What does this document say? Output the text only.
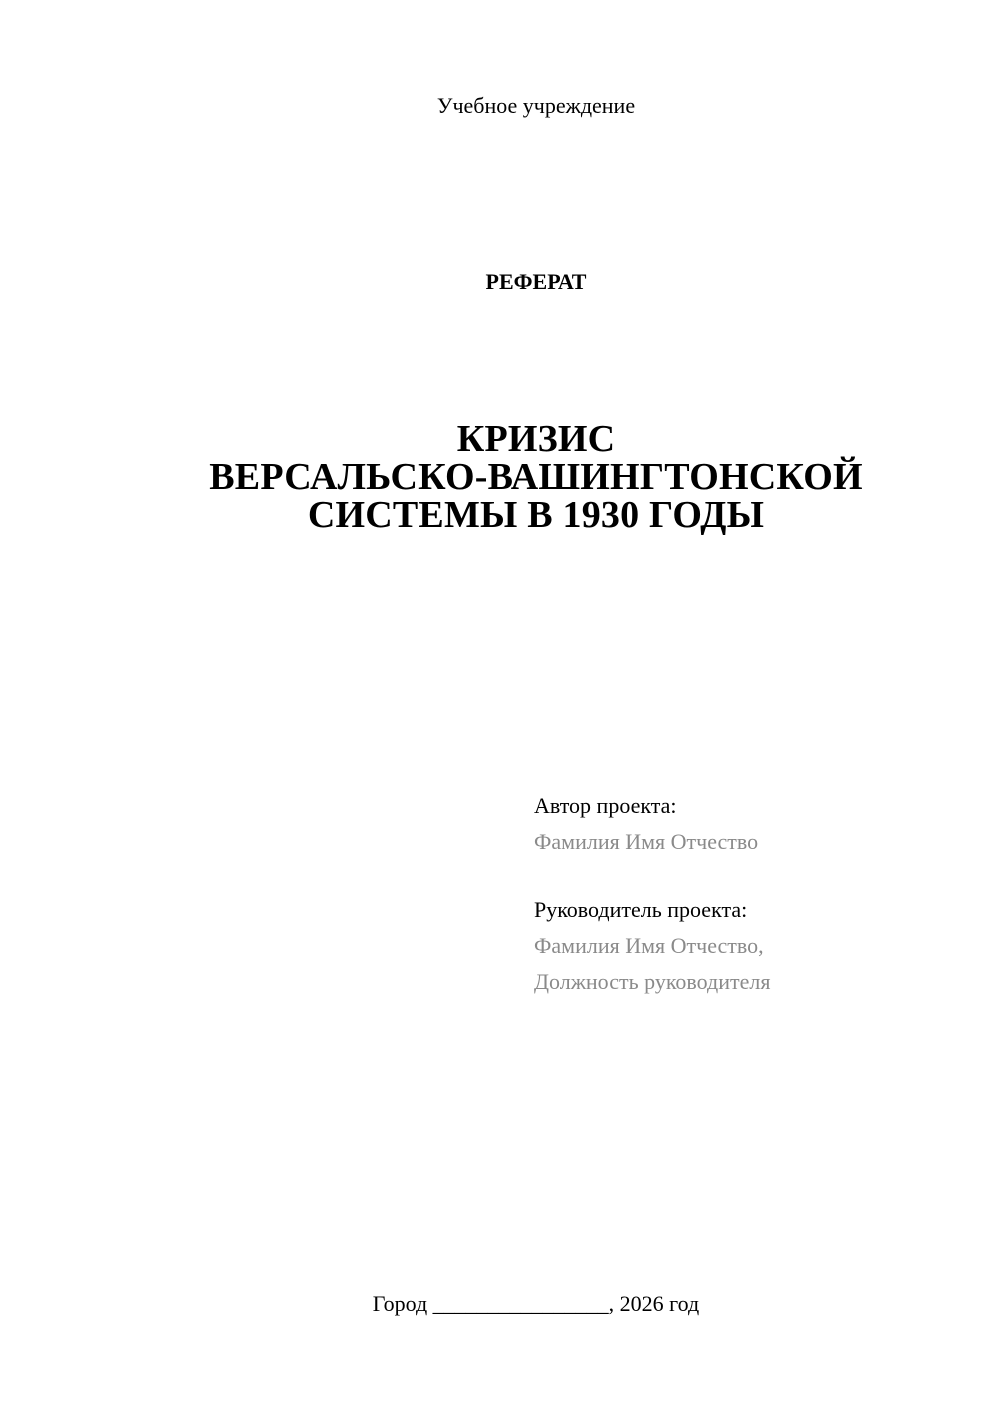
Учебное учреждение
РЕФЕРАТ
КРИЗИС
ВЕРСАЛЬСКО-ВАШИНГТОНСКОЙ
СИСТЕМЫ В 1930 ГОДЫ
Автор проекта:
Фамилия Имя Отчество
Руководитель проекта:
Фамилия Имя Отчество,
Должность руководителя
Город ________________, 2026 год
